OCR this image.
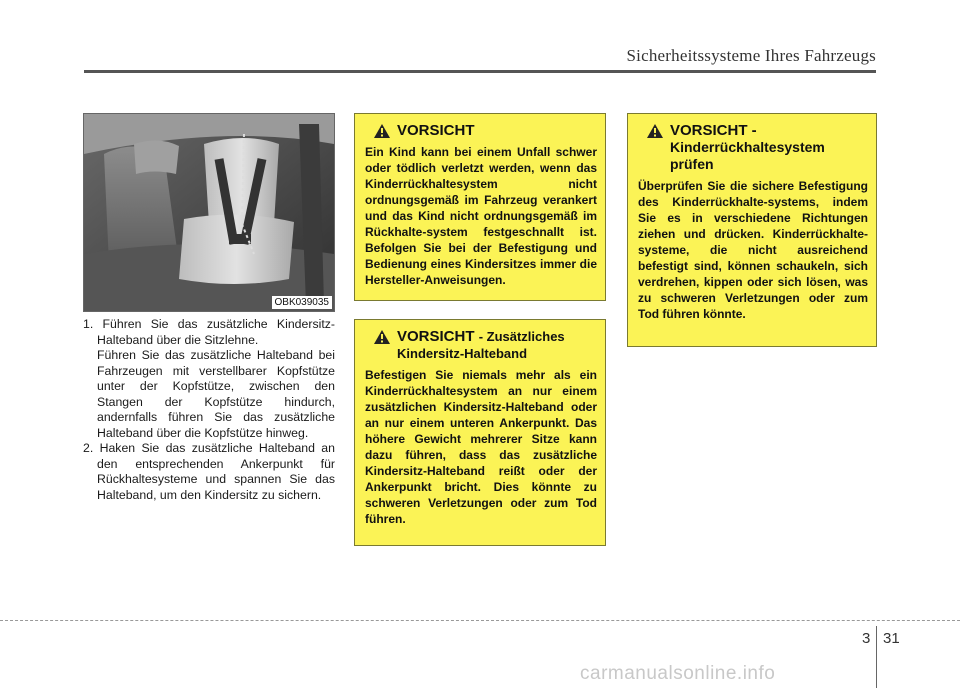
Sicherheitssysteme Ihres Fahrzeugs
OBK039035
1. Führen Sie das zusätzliche Kindersitz-Halteband über die Sitzlehne.

Führen Sie das zusätzliche Halteband bei Fahrzeugen mit verstellbarer Kopfstütze unter der Kopfstütze, zwischen den Stangen der Kopfstütze hindurch, andernfalls führen Sie das zusätzliche Halteband über die Kopfstütze hinweg.

2. Haken Sie das zusätzliche Halteband an den entsprechenden Ankerpunkt für Rückhaltesysteme und spannen Sie das Halteband, um den Kindersitz zu sichern.
VORSICHT
Ein Kind kann bei einem Unfall schwer oder tödlich verletzt werden, wenn das Kinderrückhaltesystem nicht ordnungsgemäß im Fahrzeug verankert und das Kind nicht ordnungsgemäß im Rückhalte-system festgeschnallt ist. Befolgen Sie bei der Befestigung und Bedienung eines Kindersitzes immer die Hersteller-Anweisungen.
VORSICHT - Zusätzliches Kindersitz-Halteband
Befestigen Sie niemals mehr als ein Kinderrückhaltesystem an nur einem zusätzlichen Kindersitz-Halteband oder an nur einem unteren Ankerpunkt. Das höhere Gewicht mehrerer Sitze kann dazu führen, dass das zusätzliche Kindersitz-Halteband reißt oder der Ankerpunkt bricht. Dies könnte zu schweren Verletzungen oder zum Tod führen.
VORSICHT -
Kinderrückhaltesystem prüfen
Überprüfen Sie die sichere Befestigung des Kinderrückhalte-systems, indem Sie es in verschiedene Richtungen ziehen und drücken. Kinderrückhalte-systeme, die nicht ausreichend befestigt sind, können schaukeln, sich verdrehen, kippen oder sich lösen, was zu schweren Verletzungen oder zum Tod führen könnte.
3 31
carmanualsonline.info
